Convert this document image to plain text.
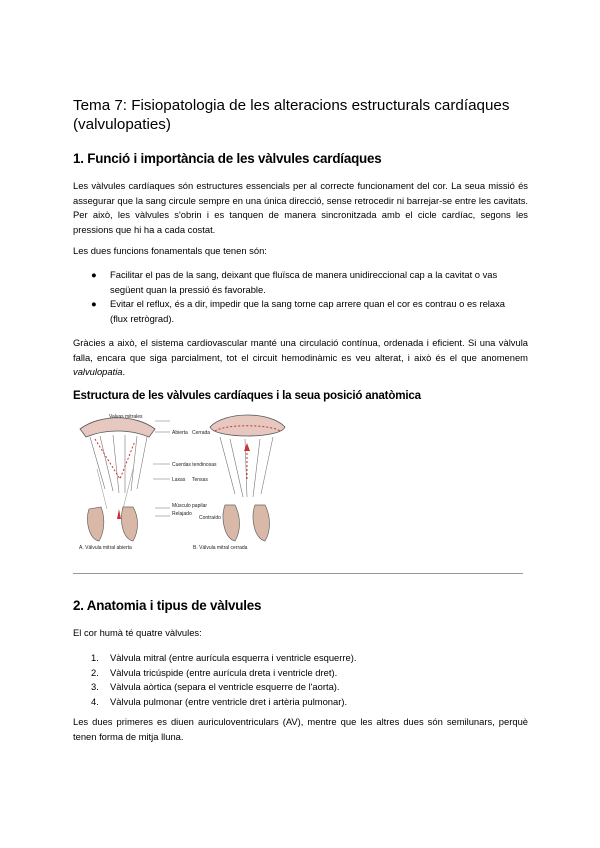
Tema 7: Fisiopatologia de les alteracions estructurals cardíaques (valvulopaties)
1. Funció i importància de les vàlvules cardíaques

Les vàlvules cardíaques són estructures essencials per al correcte funcionament del cor. La seua missió és assegurar que la sang circule sempre en una única direcció, sense retrocedir ni barrejar-se entre les cavitats. Per això, les vàlvules s'obrin i es tanquen de manera sincronitzada amb el cicle cardíac, segons les pressions que hi ha a cada costat.

Les dues funcions fonamentals que tenen són:

● Facilitar el pas de la sang, deixant que fluïsca de manera unidireccional cap a la cavitat o vas següent quan la pressió és favorable.
● Evitar el reflux, és a dir, impedir que la sang torne cap arrere quan el cor es contrau o es relaxa (flux retrògrad).

Gràcies a això, el sistema cardiovascular manté una circulació contínua, ordenada i eficient. Si una vàlvula falla, encara que siga parcialment, tot el circuit hemodinàmic es veu alterat, i això és el que anomenem valvulopatia.

Estructura de les vàlvules cardíaques i la seua posició anatòmica
Valvas mitrales
Abierta Cerrada
Cuerdas tendinosas
Laxas Tensas
Músculo papilar
Relajado
Contraído
A. Válvula mitral abierta	B. Válvula mitral cerrada
2. Anatomia i tipus de vàlvules

El cor humà té quatre vàlvules:

1. Vàlvula mitral (entre aurícula esquerra i ventricle esquerre).
2. Vàlvula tricúspide (entre aurícula dreta i ventricle dret).
3. Vàlvula aòrtica (separa el ventricle esquerre de l'aorta).
4. Vàlvula pulmonar (entre ventricle dret i artèria pulmonar).

Les dues primeres es diuen auriculoventriculars (AV), mentre que les altres dues són semilunars, perquè tenen forma de mitja lluna.
